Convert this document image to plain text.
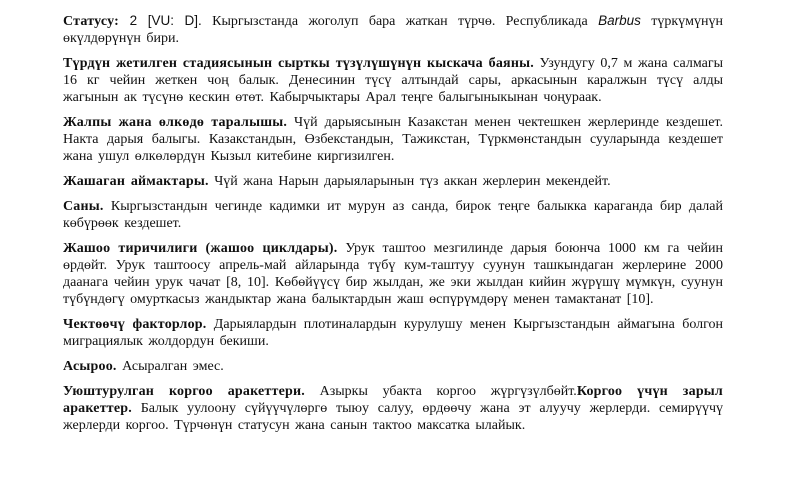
Статусу: 2 [VU: D]. Кыргызстанда жоголуп бара жаткан түрчө. Республикада Barbus түркүмүнүн өкүлдөрүнүн бири.

Түрдүн жетилген стадиясынын сырткы түзүлүшүнүн кыскача баяны. Узундугу 0,7 м жана салмагы 16 кг чейин жеткен чоң балык. Денесинин түсү алтындай сары, аркасынын каралжын түсү алды жагынын ак түсүнө кескин өтөт. Кабырчыктары Арал теңге балыгыныкынан чоңураак.

Жалпы жана өлкөдө таралышы. Чүй дарыясынын Казакстан менен чектешкен жерлеринде кездешет. Накта дарыя балыгы. Казакстандын, Өзбекстандын, Тажикстан, Түркмөнстандын сууларында кездешет жана ушул өлкөлөрдүн Кызыл китебине киргизилген.

Жашаган аймактары. Чүй жана Нарын дарыяларынын түз аккан жерлерин мекендейт.

Саны. Кыргызстандын чегинде кадимки ит мурун аз санда, бирок теңге балыкка караганда бир далай көбүрөөк кездешет.

Жашоо тиричилиги (жашоо циклдары). Урук таштоо мезгилинде дарыя боюнча 1000 км га чейин өрдөйт. Урук таштоосу апрель-май айларында түбү кум-таштуу суунун ташкындаган жерлерине 2000 даанага чейин урук чачат [8, 10]. Көбөйүүсү бир жылдан, же эки жылдан кийин жүрүшү мүмкүн, суунун түбүндөгү омурткасыз жандыктар жана балыктардын жаш өспүрүмдөрү менен тамактанат [10].

Чектөөчү факторлор. Дарыялардын плотиналардын курулушу менен Кыргызстандын аймагына болгон миграциялык жолдордун бекиши.

Асыроо. Асыралган эмес.

Уюштурулган коргоо аракеттери. Азыркы убакта коргоо жүргүзүлбөйт.Коргоо үчүн зарыл аракеттер. Балык уулоону сүйүүчүлөргө тыюу салуу, өрдөөчу жана эт алуучу жерлерди. семирүүчү жерлерди коргоо. Түрчөнүн статусун жана санын тактоо максатка ылайык.
